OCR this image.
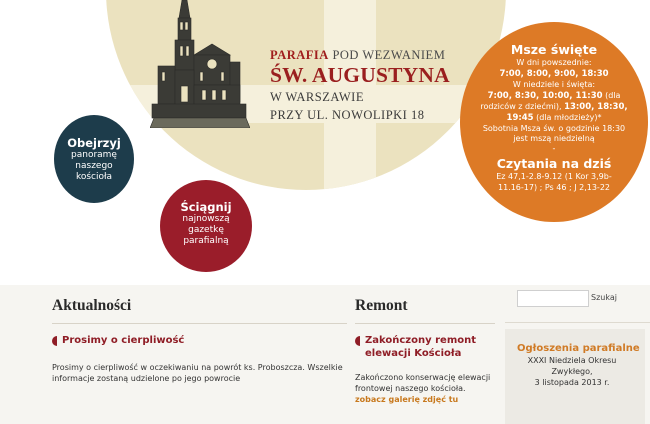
PARAFIA POD WEZWANIEM
ŚW. AUGUSTYNA
W WARSZAWIE
PRZY UL. NOWOLIPKI 18
Msze święte
W dni powszednie:
7:00, 8:00, 9:00, 18:30
W niedziele i święta:
7:00, 8:30, 10:00, 11:30 (dla
rodziców z dziećmi), 13:00, 18:30,
19:45 (dla młodzieży)*
Sobotnia Msza św. o godzinie 18:30
jest mszą niedzielną
-
Czytania na dziś
Ez 47,1-2.8-9.12 (1 Kor 3,9b-
11.16-17) ; Ps 46 ; J 2,13-22
Obejrzyj
panoramę
naszego
kościoła
Ściągnij
najnowszą
gazetkę
parafialną
Aktualności
Prosimy o cierpliwość
Prosimy o cierpliwość w oczekiwaniu na powrót ks. Proboszcza. Wszelkie informacje zostaną udzielone po jego powrocie
Remont
Zakończony remont elewacji Kościoła
Zakończono konserwację elewacji frontowej naszego kościoła. zobacz galerię zdjęć tu
Szukaj
Ogłoszenia parafialne
XXXI Niedziela Okresu
Zwykłego,
3 listopada 2013 r.
